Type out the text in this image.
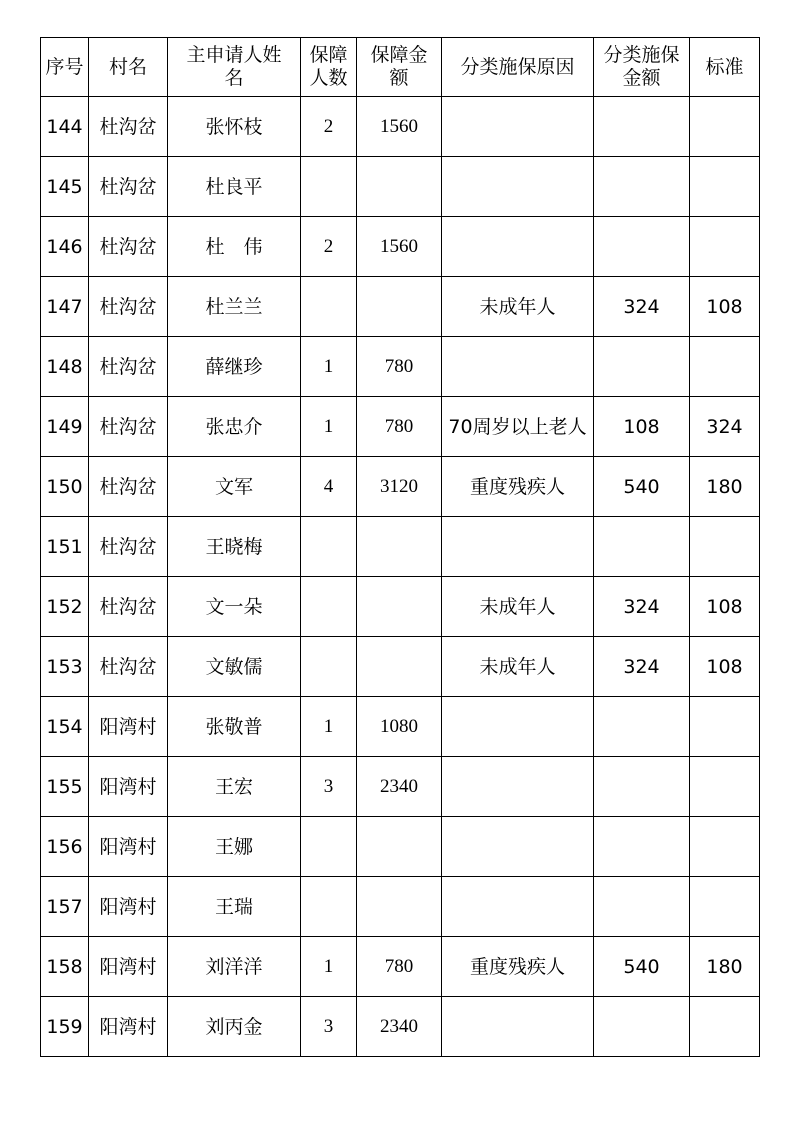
序号	村名	主申请人姓名	保障人数	保障金额	分类施保原因	分类施保金额	标准
144	杜沟岔	张怀枝	2	1560			
145	杜沟岔	杜良平					
146	杜沟岔	杜　伟	2	1560			
147	杜沟岔	杜兰兰			未成年人	324	108
148	杜沟岔	薛继珍	1	780			
149	杜沟岔	张忠介	1	780	70周岁以上老人	108	324
150	杜沟岔	文军	4	3120	重度残疾人	540	180
151	杜沟岔	王晓梅					
152	杜沟岔	文一朵			未成年人	324	108
153	杜沟岔	文敏儒			未成年人	324	108
154	阳湾村	张敬普	1	1080			
155	阳湾村	王宏	3	2340			
156	阳湾村	王娜					
157	阳湾村	王瑞					
158	阳湾村	刘洋洋	1	780	重度残疾人	540	180
159	阳湾村	刘丙金	3	2340			
